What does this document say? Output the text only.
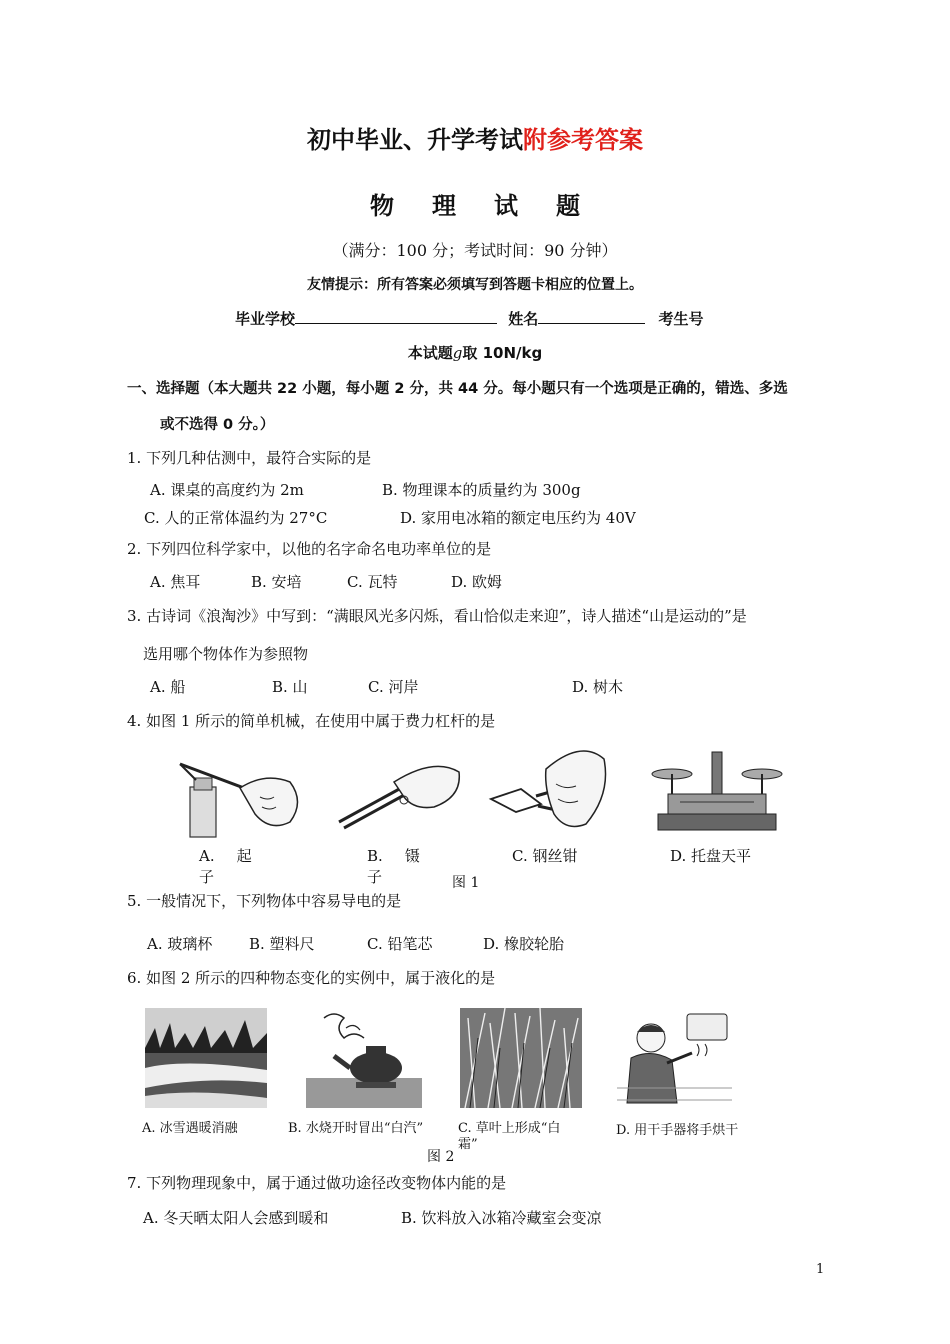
初中毕业、升学考试附参考答案
物理试题
（满分：100 分；考试时间：90 分钟）
友情提示：所有答案必须填写到答题卡相应的位置上。
毕业学校	姓名	考生号
本试题g取 10N/kg
一、选择题（本大题共 22 小题，每小题 2 分，共 44 分。每小题只有一个选项是正确的，错选、多选
或不选得 0 分。）
1. 下列几种估测中，最符合实际的是
A. 课桌的高度约为 2m	B. 物理课本的质量约为 300g
C. 人的正常体温约为 27°C	D. 家用电冰箱的额定电压约为 40V
2. 下列四位科学家中，以他的名字命名电功率单位的是
A. 焦耳	B. 安培	C. 瓦特	D. 欧姆
3. 古诗词《浪淘沙》中写到：“满眼风光多闪烁，看山恰似走来迎”，诗人描述“山是运动的”是
选用哪个物体作为参照物
A. 船	B. 山	C. 河岸	D. 树木
4. 如图 1 所示的简单机械，在使用中属于费力杠杆的是
A. 起
子
B. 镊
子
C. 钢丝钳	D. 托盘天平
图 1
5. 一般情况下，下列物体中容易导电的是
A. 玻璃杯 B. 塑料尺	C. 铅笔芯	D. 橡胶轮胎
6. 如图 2 所示的四种物态变化的实例中，属于液化的是
A. 冰雪遇暖消融	B. 水烧开时冒出“白汽”	C. 草叶上形成“白
霜”
D. 用干手器将手烘干
图 2
7. 下列物理现象中，属于通过做功途径改变物体内能的是
A. 冬天晒太阳人会感到暖和	B. 饮料放入冰箱冷藏室会变凉
1
